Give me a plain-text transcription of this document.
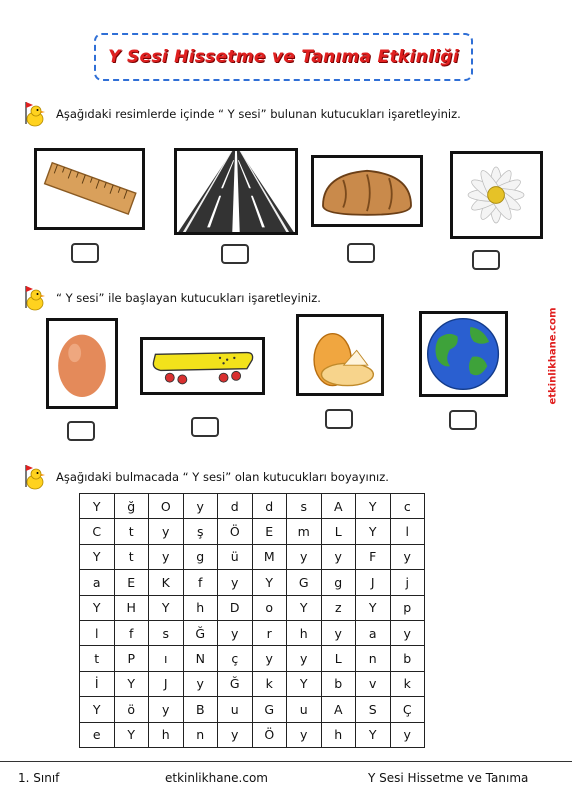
Y Sesi Hissetme ve Tanıma Etkinliği
Aşağıdaki resimlerde içinde “ Y sesi” bulunan kutucukları işaretleyiniz.
“ Y sesi” ile başlayan kutucukları işaretleyiniz.
etkinlikhane.com
Aşağıdaki bulmacada “ Y sesi” olan kutucukları boyayınız.
Y	ğ	O	y	d	d	s	A	Y	c
C	t	y	ş	Ö	E	m	L	Y	l
Y	t	y	g	ü	M	y	y	F	y
a	E	K	f	y	Y	G	g	J	j
Y	H	Y	h	D	o	Y	z	Y	p
l	f	s	Ğ	y	r	h	y	a	y
t	P	ı	N	ç	y	y	L	n	b
İ	Y	J	y	Ğ	k	Y	b	v	k
Y	ö	y	B	u	G	u	A	S	Ç
e	Y	h	n	y	Ö	y	h	Y	y
1. Sınıf	etkinlikhane.com	Y Sesi Hissetme ve Tanıma
